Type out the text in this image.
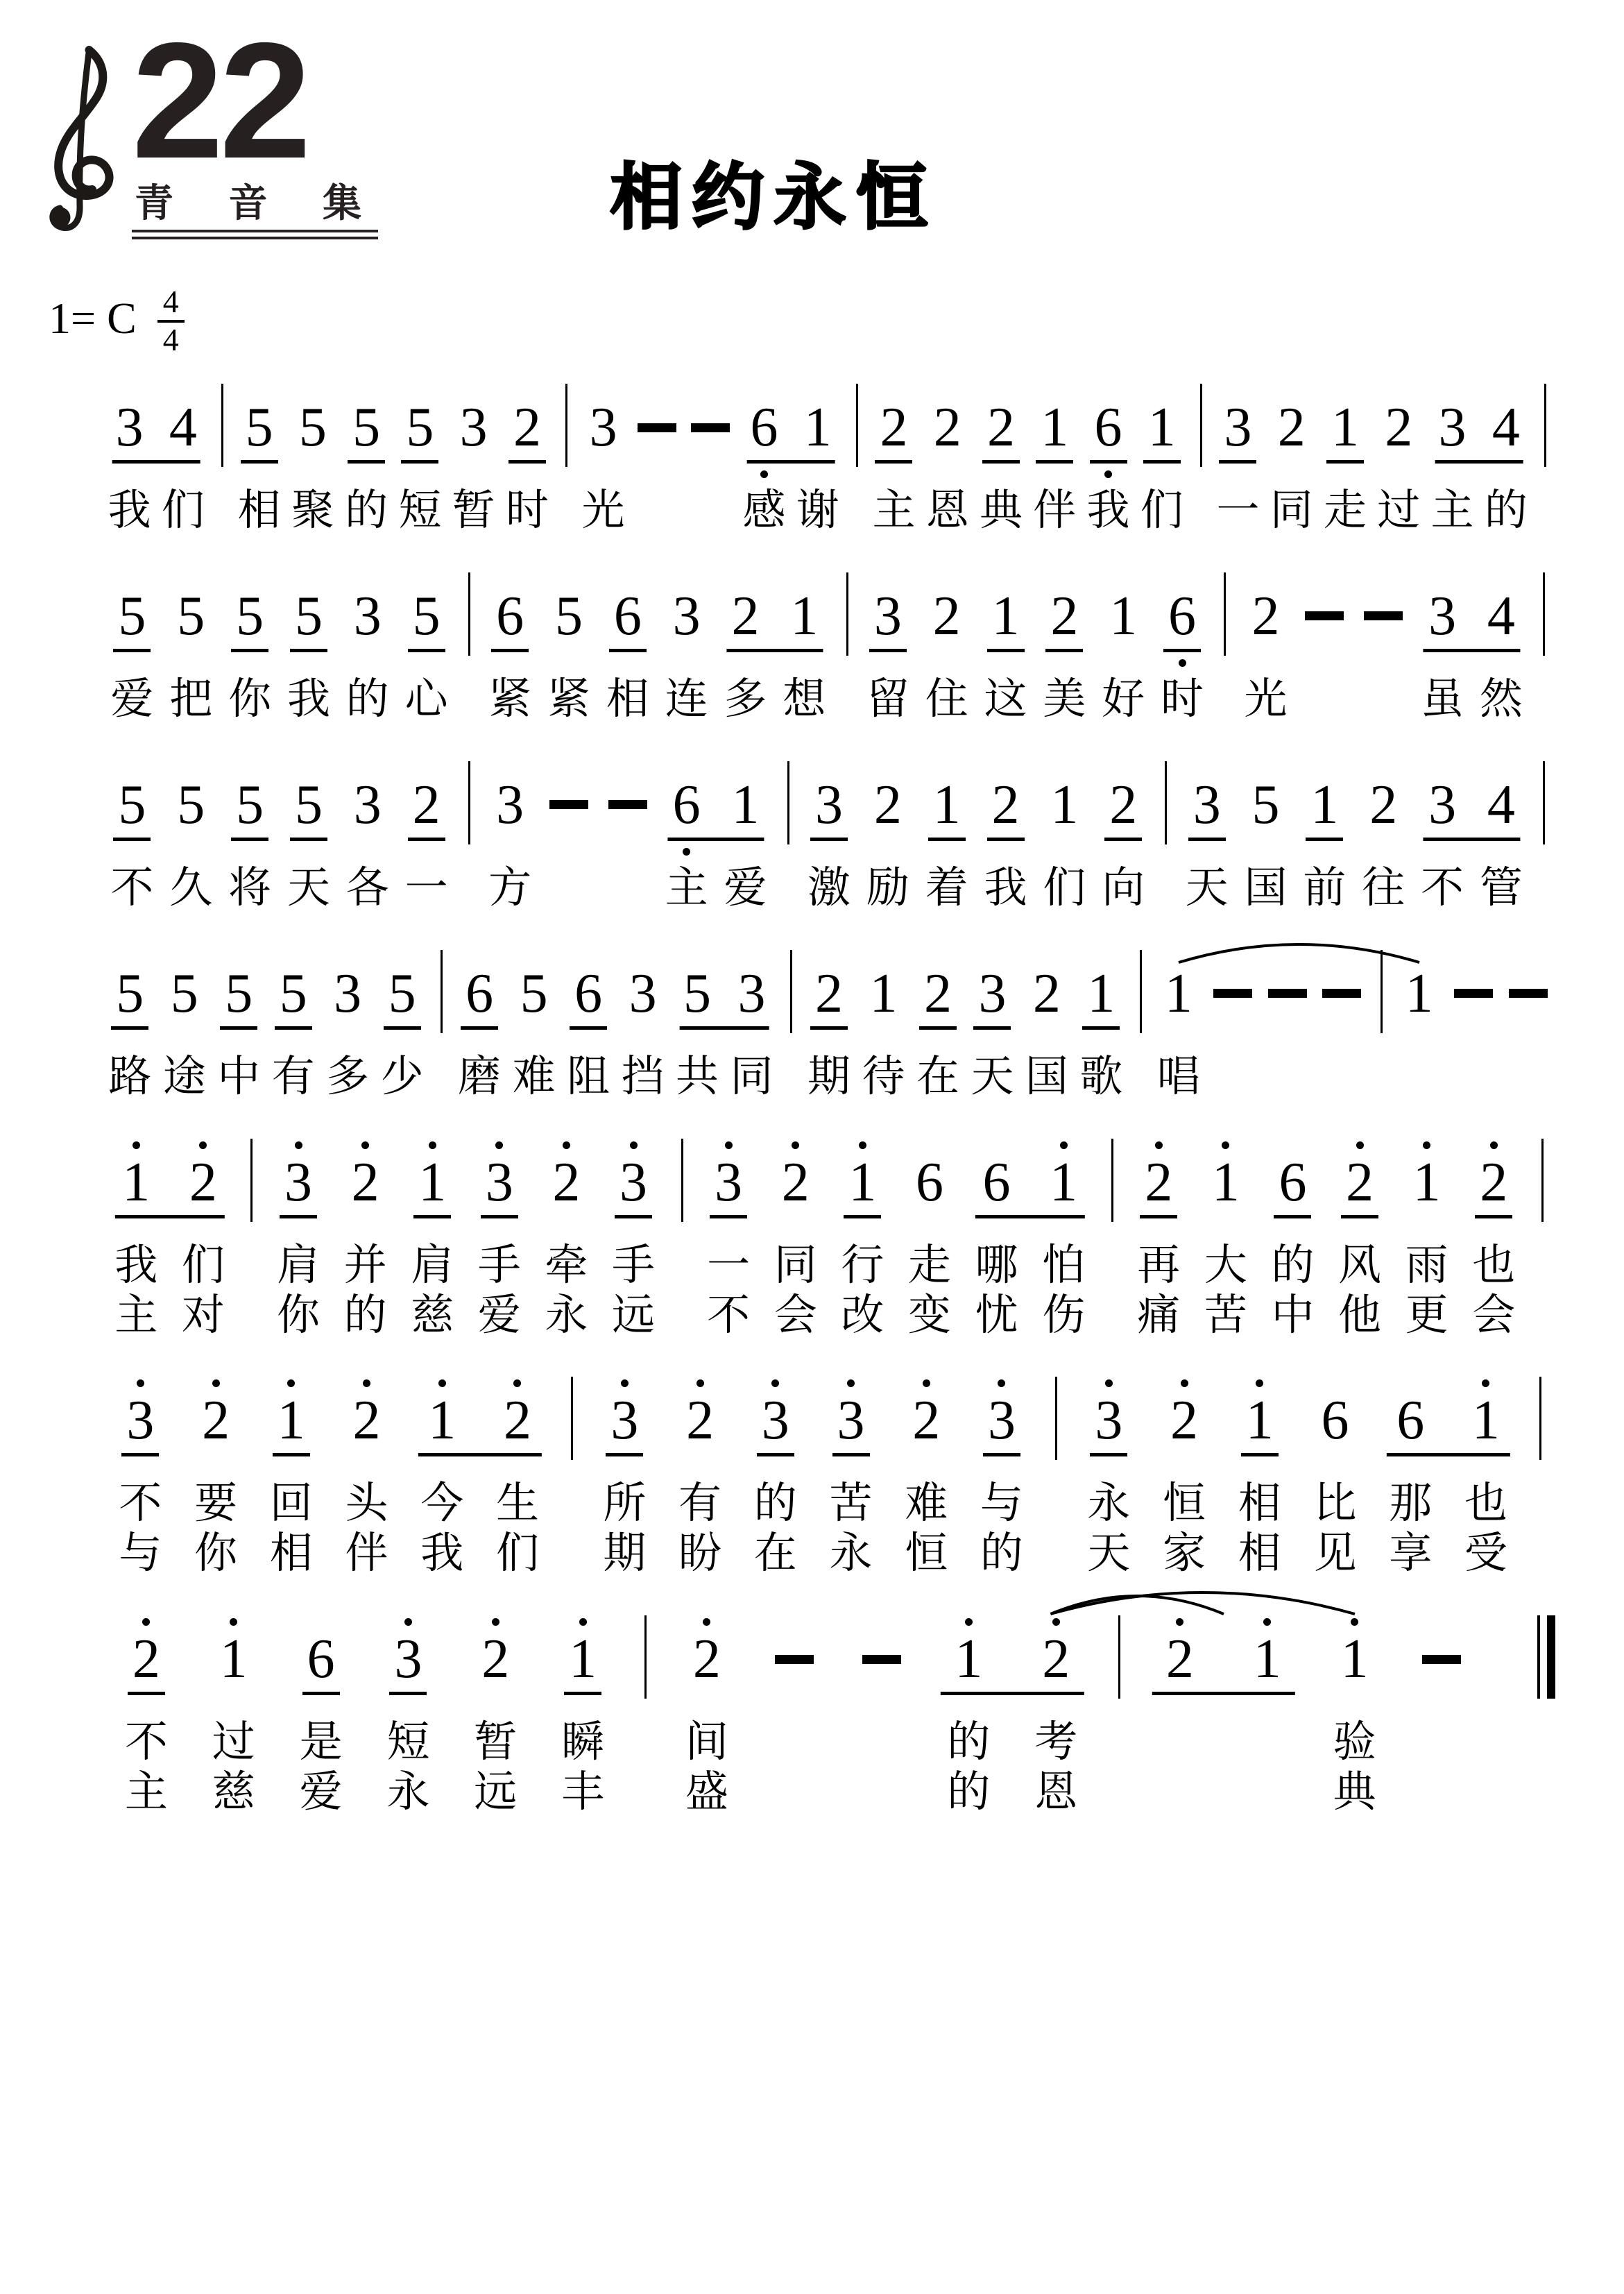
22
青 音 集	相约永恒
1= C $\frac{4}{4}$
3 4 5 5 5 5 3 2 3 6 1 2 2 2 1 6 1 3 2 1 2 3 4
我 们 相 聚 的 短 暂 时 光	感 谢 主 恩 典 伴 我 们 一 同 走 过 主 的
5 5 5 5 3 5 6 5 6 3 2 1 3 2 1 2 1 6 2	3 4
爱 把 你 我 的 心 紧 紧 相 连 多 想 留 住 这 美 好 时 光	虽 然
5 5 5 5 3 2 3	6 1 3 2 1 2 1 2 3 5 1 2 3 4
不 久 将 天 各 一 方	主 爱 激 励 着 我 们 向 天 国 前 往 不 管
5 5 5 5 3 5 6 5 6 3 5 3 2 1 2 3 2 1 1	1
路 途 中 有 多 少 磨 难 阻 挡 共 同 期 待 在 天 国 歌 唱
1 2	3 2 1 3 2 3	3 2 1 6 6 1	2 1 6 2 1 2
我 们 肩 并 肩 手 牵 手 一 同 行 走 哪 怕 再 大 的 风 雨 也
主 对 你 的 慈 爱 永 远 不 会 改 变 忧 伤 痛 苦 中 他 更 会
3 2 1 2 1 2	3 2 3 3 2 3	3 2 1 6 6 1
不 要 回 头 今 生	所 有 的 苦 难 与	永 恒 相 比 那 也
与 你 相 伴 我 们	期 盼 在 永 恒 的	天 家 相 见 享 受
2	1	6	3	2	1	2	1	2	2	1	1
不	过	是	短	暂	瞬	间	的	考	验
主	慈	爱	永	远	丰	盛	的	恩	典
